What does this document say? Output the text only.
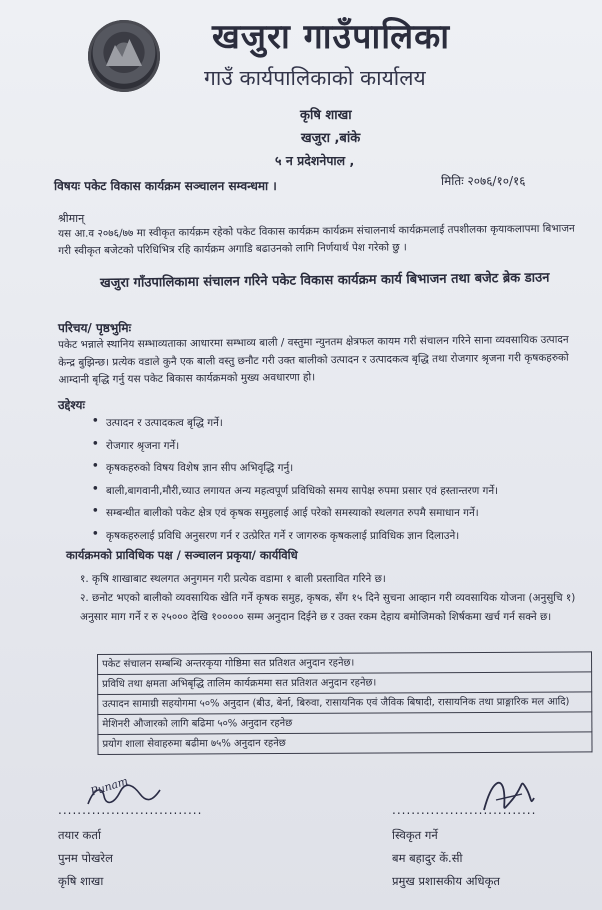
खजुरा गाउँपालिका
गाउँ कार्यपालिकाको कार्यालय
कृषि शाखा
खजुरा ,बांके
५ न प्रदेशनेपाल ,
विषयः पकेट विकास कार्यक्रम सञ्चालन सम्वन्धमा ।	मितिः २०७६/१०/१६
श्रीमान्
यस आ.व २०७६/७७ मा स्वीकृत कार्यक्रम रहेको पकेट विकास कार्यक्रम कार्यक्रम संचालनार्थ कार्यक्रमलाई तपशीलका कृयाकलापमा बिभाजन गरी स्वीकृत बजेटको परिधिभित्र रहि कार्यक्रम अगाडि बढाउनको लागि निर्णयार्थ पेश गरेको छु ।
खजुरा गाँउपालिकामा संचालन गरिने पकेट विकास कार्यक्रम कार्य बिभाजन तथा बजेट ब्रेक डाउन
परिचय/ पृष्ठभुमिः
पकेट भन्नाले स्थानिय सम्भाव्यताका आधारमा सम्भाव्य बाली / वस्तुमा न्युनतम क्षेत्रफल कायम गरी संचालन गरिने साना व्यवसायिक उत्पादन केन्द्र बुझिन्छ। प्रत्येक वडाले कुनै एक बाली वस्तु छनौट गरी उक्त बालीको उत्पादन र उत्पादकत्व बृद्धि तथा रोजगार श्रृजना गरी कृषकहरुको आम्दानी बृद्धि गर्नु यस पकेट बिकास कार्यक्रमको मुख्य अवधारणा हो।
उद्देश्यः
• उत्पादन र उत्पादकत्व बृद्धि गर्ने।
• रोजगार श्रृजना गर्ने।
• कृषकहरुको विषय विशेष ज्ञान सीप अभिवृद्धि गर्नु।
• बाली,बागवानी,मौरी,च्याउ लगायत अन्य महत्वपूर्ण प्रविधिको समय सापेक्ष रुपमा प्रसार एवं हस्तान्तरण गर्ने।
• सम्बन्धीत बालीको पकेट क्षेत्र एवं कृषक समुहलाई आई परेको समस्याको स्थलगत रुपमै समाधान गर्ने।
• कृषकहरुलाई प्रविधि अनुसरण गर्न र उत्प्रेरित गर्ने र जागरुक कृषकलाई प्राविधिक ज्ञान दिलाउने।
कार्यक्रमको प्राविधिक पक्ष / सञ्चालन प्रकृया/ कार्यविधि
१. कृषि शाखाबाट स्थलगत अनुगमन गरी प्रत्येक वडामा १ बाली प्रस्तावित गरिने छ।
२. छनोट भएको बालीको व्यवसायिक खेति गर्ने कृषक समुह, कृषक, सँग १५ दिने सुचना आव्हान गरी व्यवसायिक योजना (अनुसुचि १) अनुसार माग गर्ने र रु २५००० देखि १००००० सम्म अनुदान दिईने छ र उक्त रकम देहाय बमोजिमको शिर्षकमा खर्च गर्न सक्ने छ।
पकेट संचालन सम्बन्धि अन्तरकृया गोष्ठिमा सत प्रतिशत अनुदान रहनेछ।
प्रविधि तथा क्षमता अभिबृद्धि तालिम कार्यक्रममा सत प्रतिशत अनुदान रहनेछ।
उत्पादन सामाग्री सहयोगमा ५०% अनुदान (बीउ, बेर्ना, बिरुवा, रासायनिक एवं जैविक बिषादी, रासायनिक तथा प्राङ्गारिक मल आदि)
मेशिनरी औजारको लागि बढिमा ५०% अनुदान रहनेछ
प्रयोग शाला सेवाहरुमा बढीमा ७५% अनुदान रहनेछ
Punam
..............................
तयार कर्ता
पुनम पोखरेल
कृषि शाखा
..............................
स्विकृत गर्ने
बम बहादुर कें.सी
प्रमुख प्रशासकीय अधिकृत
